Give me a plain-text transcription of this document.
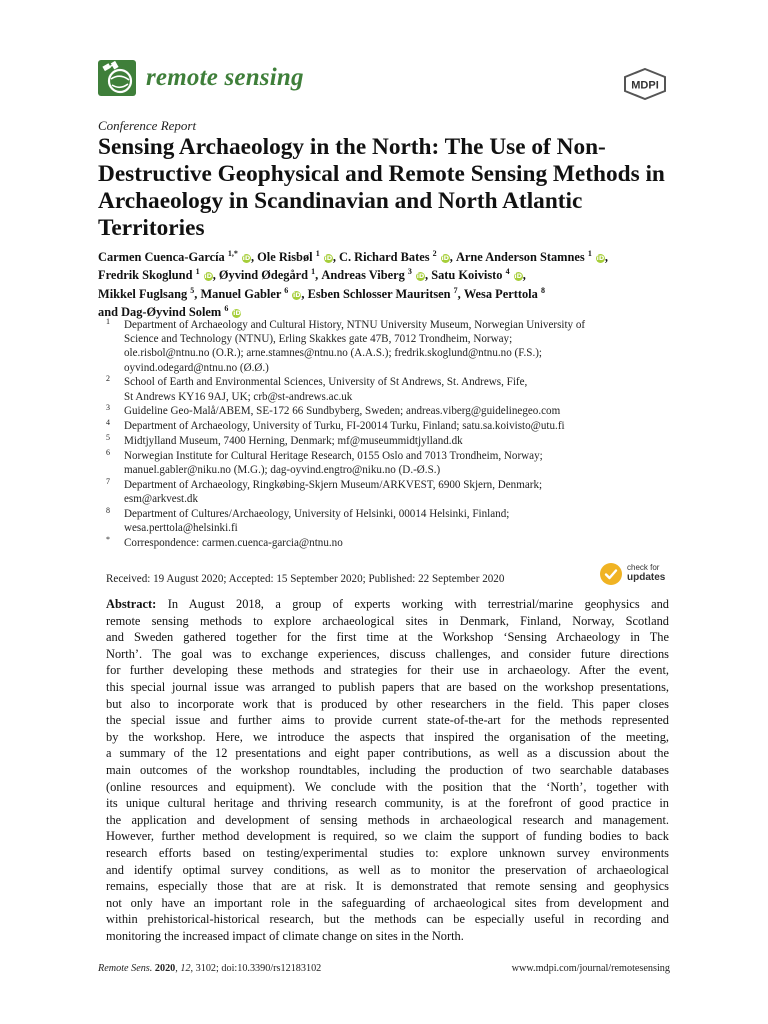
remote sensing	MDPI
Conference Report
Sensing Archaeology in the North: The Use of Non-Destructive Geophysical and Remote Sensing Methods in Archaeology in Scandinavian and North Atlantic Territories

Carmen Cuenca-García $^{1,*}$ iD, Ole Risbøl $^1$ iD, C. Richard Bates $^2$ iD, Arne Anderson Stamnes $^1$ iD,
Fredrik Skoglund $^1$ iD, Øyvind Ødegård $^1$, Andreas Viberg $^3$ iD, Satu Koivisto $^4$ iD,
Mikkel Fuglsang $^5$, Manuel Gabler $^6$ iD, Esben Schlosser Mauritsen $^7$, Wesa Perttola $^8$
and Dag-Øyvind Solem $^6$ iD

1	Department of Archaeology and Cultural History, NTNU University Museum, Norwegian University of
Science and Technology (NTNU), Erling Skakkes gate 47B, 7012 Trondheim, Norway;
ole.risbol@ntnu.no (O.R.); arne.stamnes@ntnu.no (A.A.S.); fredrik.skoglund@ntnu.no (F.S.);
oyvind.odegard@ntnu.no (Ø.Ø.)
2	School of Earth and Environmental Sciences, University of St Andrews, St. Andrews, Fife,
St Andrews KY16 9AJ, UK; crb@st-andrews.ac.uk
3	Guideline Geo-Malå/ABEM, SE-172 66 Sundbyberg, Sweden; andreas.viberg@guidelinegeo.com
4	Department of Archaeology, University of Turku, FI-20014 Turku, Finland; satu.sa.koivisto@utu.fi
5	Midtjylland Museum, 7400 Herning, Denmark; mf@museummidtjylland.dk
6	Norwegian Institute for Cultural Heritage Research, 0155 Oslo and 7013 Trondheim, Norway;
manuel.gabler@niku.no (M.G.); dag-oyvind.engtro@niku.no (D.-Ø.S.)
7	Department of Archaeology, Ringkøbing-Skjern Museum/ARKVEST, 6900 Skjern, Denmark;
esm@arkvest.dk
8	Department of Cultures/Archaeology, University of Helsinki, 00014 Helsinki, Finland;
wesa.perttola@helsinki.fi
*	Correspondence: carmen.cuenca-garcia@ntnu.no
Received: 19 August 2020; Accepted: 15 September 2020; Published: 22 September 2020
check for
updates
Abstract: In August 2018, a group of experts working with terrestrial/marine geophysics and
remote sensing methods to explore archaeological sites in Denmark, Finland, Norway, Scotland
and Sweden gathered together for the first time at the Workshop ‘Sensing Archaeology in The
North’. The goal was to exchange experiences, discuss challenges, and consider future directions
for further developing these methods and strategies for their use in archaeology. After the event,
this special journal issue was arranged to publish papers that are based on the workshop presentations,
but also to incorporate work that is produced by other researchers in the field. This paper closes
the special issue and further aims to provide current state-of-the-art for the methods represented
by the workshop. Here, we introduce the aspects that inspired the organisation of the meeting,
a summary of the 12 presentations and eight paper contributions, as well as a discussion about the
main outcomes of the workshop roundtables, including the production of two searchable databases
(online resources and equipment). We conclude with the position that the ‘North’, together with
its unique cultural heritage and thriving research community, is at the forefront of good practice in
the application and development of sensing methods in archaeological research and management.
However, further method development is required, so we claim the support of funding bodies to back
research efforts based on testing/experimental studies to: explore unknown survey environments
and identify optimal survey conditions, as well as to monitor the preservation of archaeological
remains, especially those that are at risk. It is demonstrated that remote sensing and geophysics
not only have an important role in the safeguarding of archaeological sites from development and
within prehistorical-historical research, but the methods can be especially useful in recording and
monitoring the increased impact of climate change on sites in the North.
Remote Sens. 2020, 12, 3102; doi:10.3390/rs12183102	www.mdpi.com/journal/remotesensing
